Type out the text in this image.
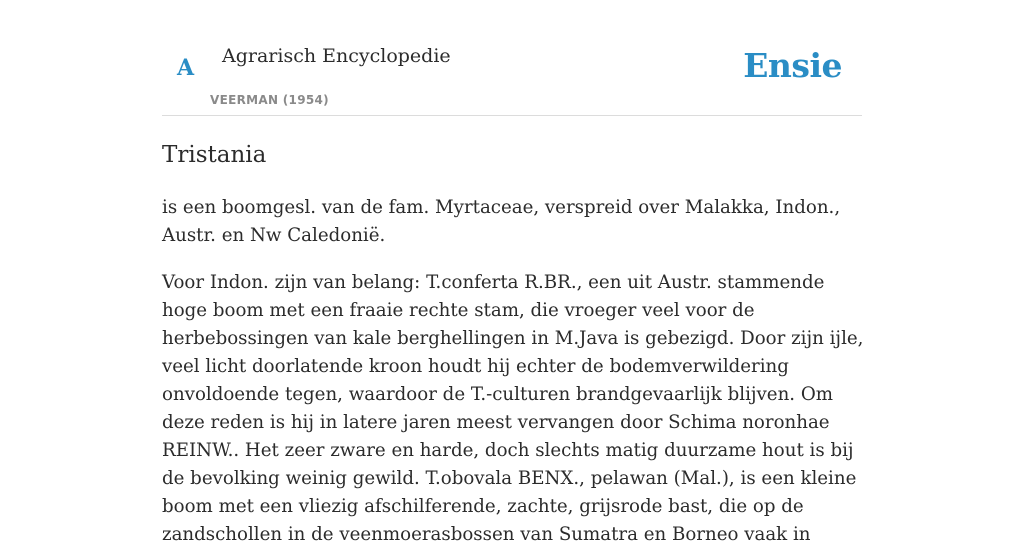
A Agrarisch Encyclopedie
VEERMAN (1954)
Ensie
Tristania

is een boomgesl. van de fam. Myrtaceae, verspreid over Malakka, Indon., Austr. en Nw Caledonië.

Voor Indon. zijn van belang: T.conferta R.BR., een uit Austr. stammende hoge boom met een fraaie rechte stam, die vroeger veel voor de herbebossingen van kale berghellingen in M.Java is gebezigd. Door zijn ijle, veel licht doorlatende kroon houdt hij echter de bodemverwildering onvoldoende tegen, waardoor de T.-culturen brandgevaarlijk blijven. Om deze reden is hij in latere jaren meest vervangen door Schima noronhae REINW.. Het zeer zware en harde, doch slechts matig duurzame hout is bij de bevolking weinig gewild. T.obovala BENX., pelawan (Mal.), is een kleine boom met een vliezig afschilferende, zachte, grijsrode bast, die op de zandschollen in de veenmoerasbossen van Sumatra en Borneo vaak in
